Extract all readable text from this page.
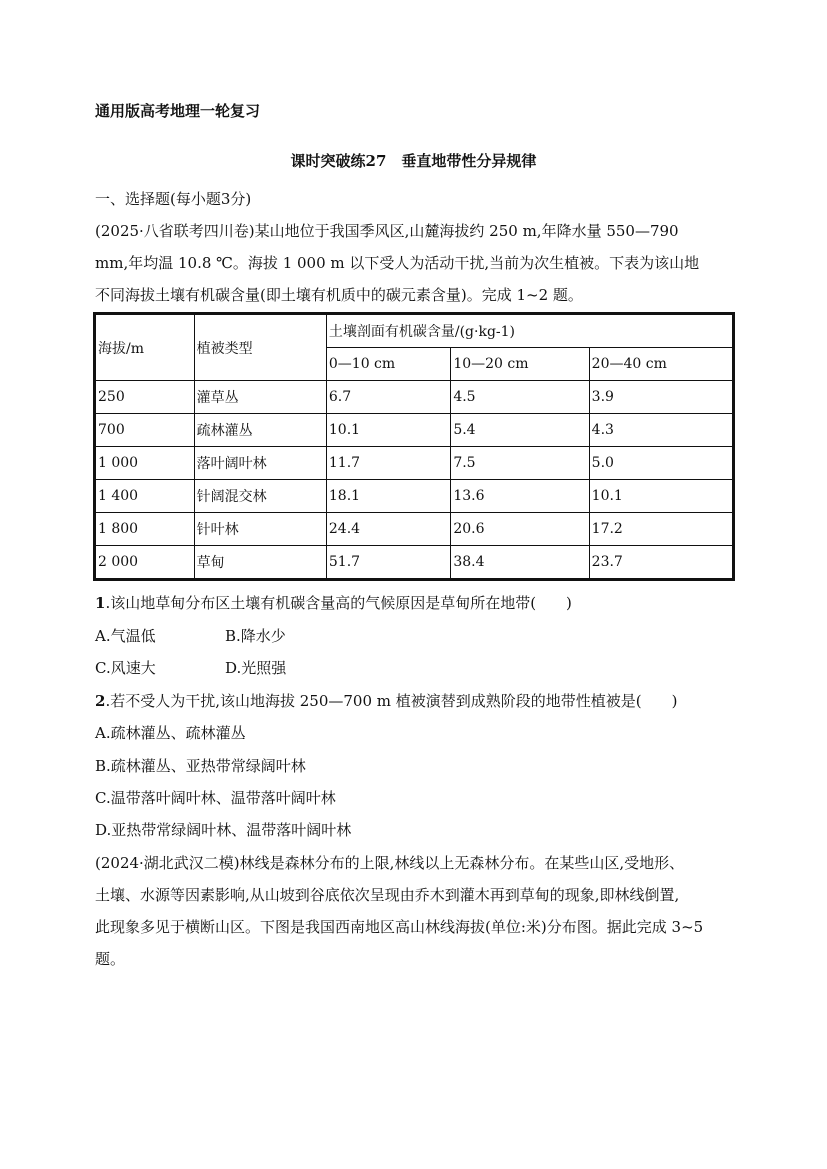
通用版高考地理一轮复习
课时突破练27　垂直地带性分异规律
一、选择题(每小题3分)
(2025·八省联考四川卷)某山地位于我国季风区,山麓海拔约 250 m,年降水量 550—790
mm,年均温 10.8 ℃。海拔 1 000 m 以下受人为活动干扰,当前为次生植被。下表为该山地
不同海拔土壤有机碳含量(即土壤有机质中的碳元素含量)。完成 1~2 题。
海拔/m	植被类型	土壤剖面有机碳含量/(g·kg-1)		
		0—10 cm	10—20 cm	20—40 cm
250	灌草丛	6.7	4.5	3.9
700	疏林灌丛	10.1	5.4	4.3
1 000	落叶阔叶林	11.7	7.5	5.0
1 400	针阔混交林	18.1	13.6	10.1
1 800	针叶林	24.4	20.6	17.2
2 000	草甸	51.7	38.4	23.7
1.该山地草甸分布区土壤有机碳含量高的气候原因是草甸所在地带(　　)
A.气温低	B.降水少
C.风速大	D.光照强
2.若不受人为干扰,该山地海拔 250—700 m 植被演替到成熟阶段的地带性植被是(　　)
A.疏林灌丛、疏林灌丛
B.疏林灌丛、亚热带常绿阔叶林
C.温带落叶阔叶林、温带落叶阔叶林
D.亚热带常绿阔叶林、温带落叶阔叶林
(2024·湖北武汉二模)林线是森林分布的上限,林线以上无森林分布。在某些山区,受地形、
土壤、水源等因素影响,从山坡到谷底依次呈现由乔木到灌木再到草甸的现象,即林线倒置,
此现象多见于横断山区。下图是我国西南地区高山林线海拔(单位:米)分布图。据此完成 3~5
题。
